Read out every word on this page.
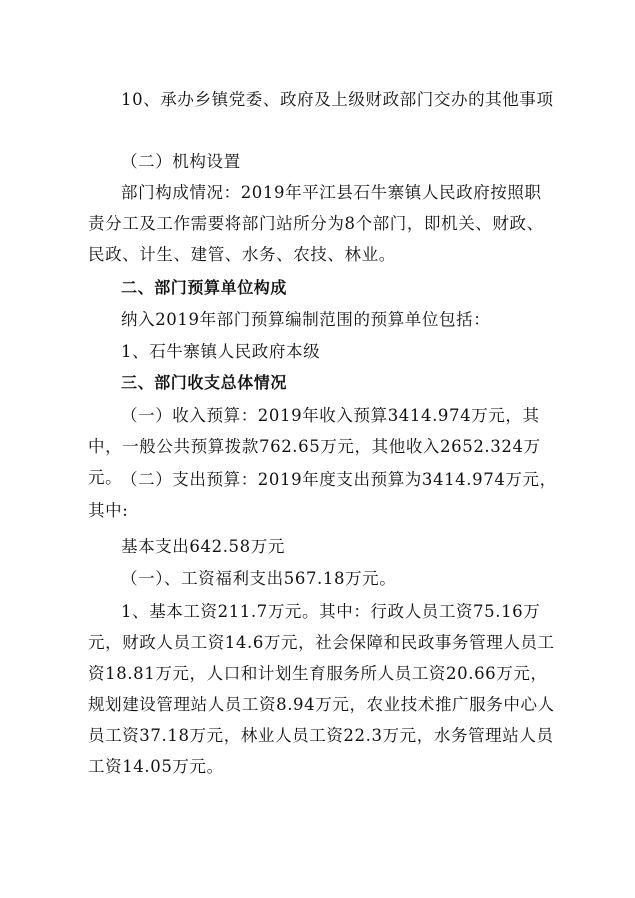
10、承办乡镇党委、政府及上级财政部门交办的其他事项

（二）机构设置

部门构成情况：2019年平江县石牛寨镇人民政府按照职责分工及工作需要将部门站所分为8个部门，即机关、财政、民政、计生、建管、水务、农技、林业。

二、部门预算单位构成

纳入2019年部门预算编制范围的预算单位包括：

1、石牛寨镇人民政府本级

三、部门收支总体情况

（一）收入预算：2019年收入预算3414.974万元，其中，一般公共预算拨款762.65万元，其他收入2652.324万元。

（二）支出预算：2019年度支出预算为3414.974万元，其中:

基本支出642.58万元

（一）、工资福利支出567.18万元。

1、基本工资211.7万元。其中：行政人员工资75.16万元，财政人员工资14.6万元，社会保障和民政事务管理人员工资18.81万元，人口和计划生育服务所人员工资20.66万元，规划建设管理站人员工资8.94万元，农业技术推广服务中心人员工资37.18万元，林业人员工资22.3万元，水务管理站人员工资14.05万元。
